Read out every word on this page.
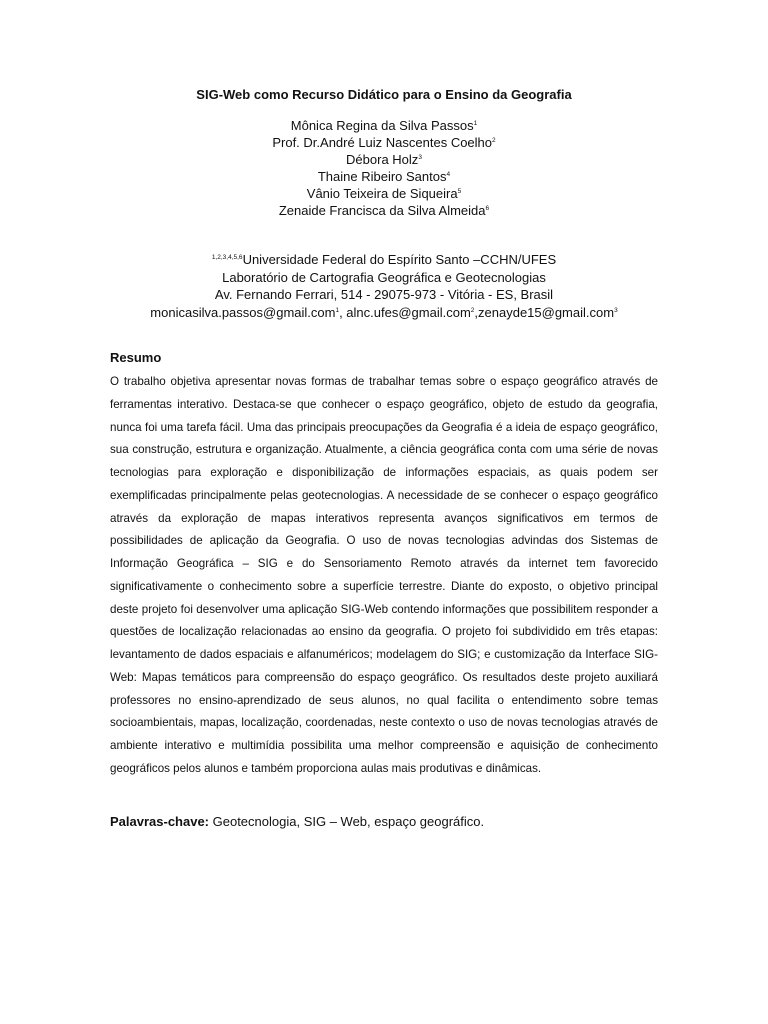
SIG-Web como Recurso Didático para o Ensino da Geografia
Mônica Regina da Silva Passos$^1$
Prof. Dr.André Luiz Nascentes Coelho$^2$
Débora Holz$^3$
Thaine Ribeiro Santos$^4$
Vânio Teixeira de Siqueira$^5$
Zenaide Francisca da Silva Almeida$^6$
$^{1,2,3,4,5,6}$Universidade Federal do Espírito Santo –CCHN/UFES
Laboratório de Cartografia Geográfica e Geotecnologias
Av. Fernando Ferrari, 514 - 29075-973 - Vitória - ES, Brasil
monicasilva.passos@gmail.com$^1$, alnc.ufes@gmail.com$^2$,zenayde15@gmail.com$^3$
Resumo
O trabalho objetiva apresentar novas formas de trabalhar temas sobre o espaço geográfico através de
ferramentas interativo. Destaca-se que conhecer o espaço geográfico, objeto de estudo da geografia,
nunca foi uma tarefa fácil. Uma das principais preocupações da Geografia é a ideia de espaço geográfico,
sua construção, estrutura e organização. Atualmente, a ciência geográfica conta com uma série de novas
tecnologias para exploração e disponibilização de informações espaciais, as quais podem ser
exemplificadas principalmente pelas geotecnologias. A necessidade de se conhecer o espaço geográfico
através da exploração de mapas interativos representa avanços significativos em termos de
possibilidades de aplicação da Geografia. O uso de novas tecnologias advindas dos Sistemas de
Informação Geográfica – SIG e do Sensoriamento Remoto através da internet tem favorecido
significativamente o conhecimento sobre a superfície terrestre. Diante do exposto, o objetivo principal
deste projeto foi desenvolver uma aplicação SIG-Web contendo informações que possibilitem responder a
questões de localização relacionadas ao ensino da geografia. O projeto foi subdividido em três etapas:
levantamento de dados espaciais e alfanuméricos; modelagem do SIG; e customização da Interface SIG-
Web: Mapas temáticos para compreensão do espaço geográfico. Os resultados deste projeto auxiliará
professores no ensino-aprendizado de seus alunos, no qual facilita o entendimento sobre temas
socioambientais, mapas, localização, coordenadas, neste contexto o uso de novas tecnologias através de
ambiente interativo e multimídia possibilita uma melhor compreensão e aquisição de conhecimento
geográficos pelos alunos e também proporciona aulas mais produtivas e dinâmicas.
Palavras-chave: Geotecnologia, SIG – Web, espaço geográfico.
